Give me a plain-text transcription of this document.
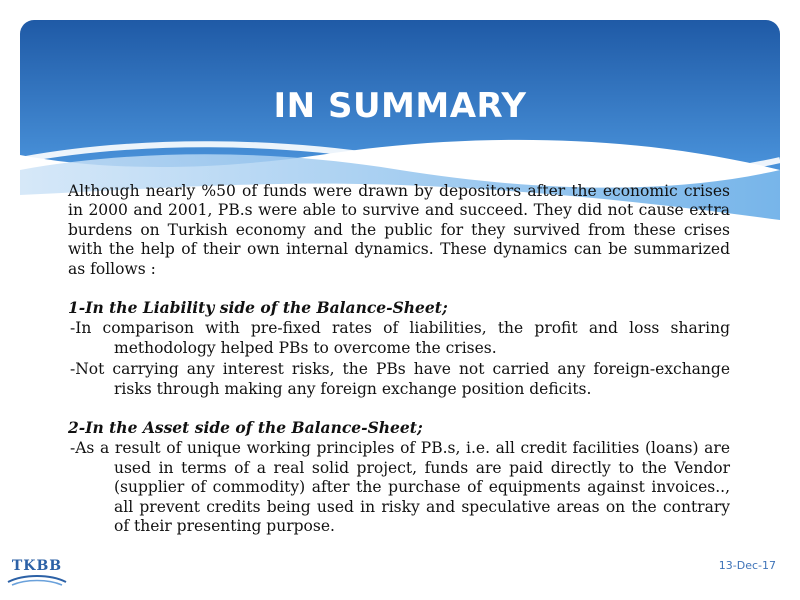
IN SUMMARY

Although nearly %50 of funds were drawn by depositors after the economic crises in 2000 and 2001, PB.s were able to survive and succeed. They did not cause extra burdens on Turkish economy and the public for they survived from these crises with the help of their own internal dynamics. These dynamics can be summarized as follows :

1-In the Liability side of the Balance-Sheet;

-In comparison with pre-fixed rates of liabilities, the profit and loss sharing methodology helped PBs to overcome the crises.

-Not carrying any interest risks, the PBs have not carried any foreign-exchange risks through making any foreign exchange position deficits.

2-In the Asset side of the Balance-Sheet;

-As a result of unique working principles of PB.s, i.e. all credit facilities (loans) are used in terms of a real solid project, funds are paid directly to the Vendor (supplier of commodity) after the purchase of equipments against invoices.., all prevent credits being used in risky and speculative areas on the contrary of their presenting purpose.

13-Dec-17
TKBB
